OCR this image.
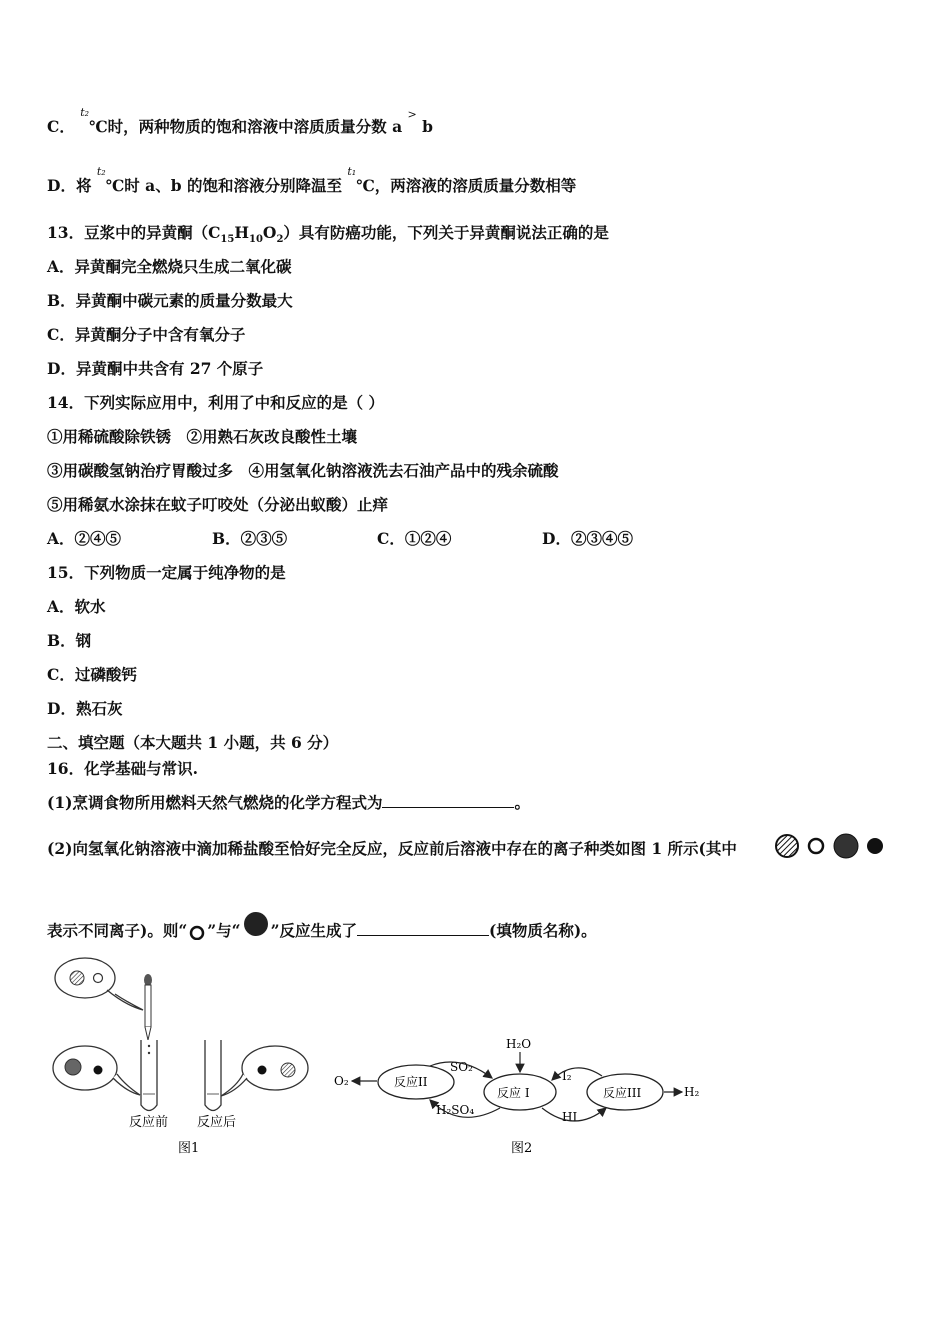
C． $^{t_2}$℃时，两种物质的饱和溶液中溶质质量分数 a > b
D．将 $^{t_2}$℃时 a、b 的饱和溶液分别降温至 $^{t_1}$℃，两溶液的溶质质量分数相等
13．豆浆中的异黄酮$(C_{15}H_{10}O_2)$具有防癌功能，下列关于异黄酮说法正确的是
A．异黄酮完全燃烧只生成二氧化碳
B．异黄酮中碳元素的质量分数最大
C．异黄酮分子中含有氧分子
D．异黄酮中共含有 27 个原子
14．下列实际应用中，利用了中和反应的是（ ）
①用稀硫酸除铁锈　②用熟石灰改良酸性土壤
③用碳酸氢钠治疗胃酸过多　④用氢氧化钠溶液洗去石油产品中的残余硫酸
⑤用稀氨水涂抹在蚊子叮咬处（分泌出蚁酸）止痒
A．②④⑤	B．②③⑤	C．①②④	D．②③④⑤
15．下列物质一定属于纯净物的是
A．软水
B．钢
C．过磷酸钙
D．熟石灰
二、填空题（本大题共 1 小题，共 6 分）
16．化学基础与常识.
(1)烹调食物所用燃料天然气燃烧的化学方程式为	。
(2)向氢氧化钠溶液中滴加稀盐酸至恰好完全反应，反应前后溶液中存在的离子种类如图 1 所示(其中
表示不同离子)。则“ ”与“ ”反应生成了	(填物质名称)。
反应前 反应后
图1
O₂	反应II
反应 I	反应III
H₂O
SO₂
H₂SO₄
I₂
HI
H₂
图2
